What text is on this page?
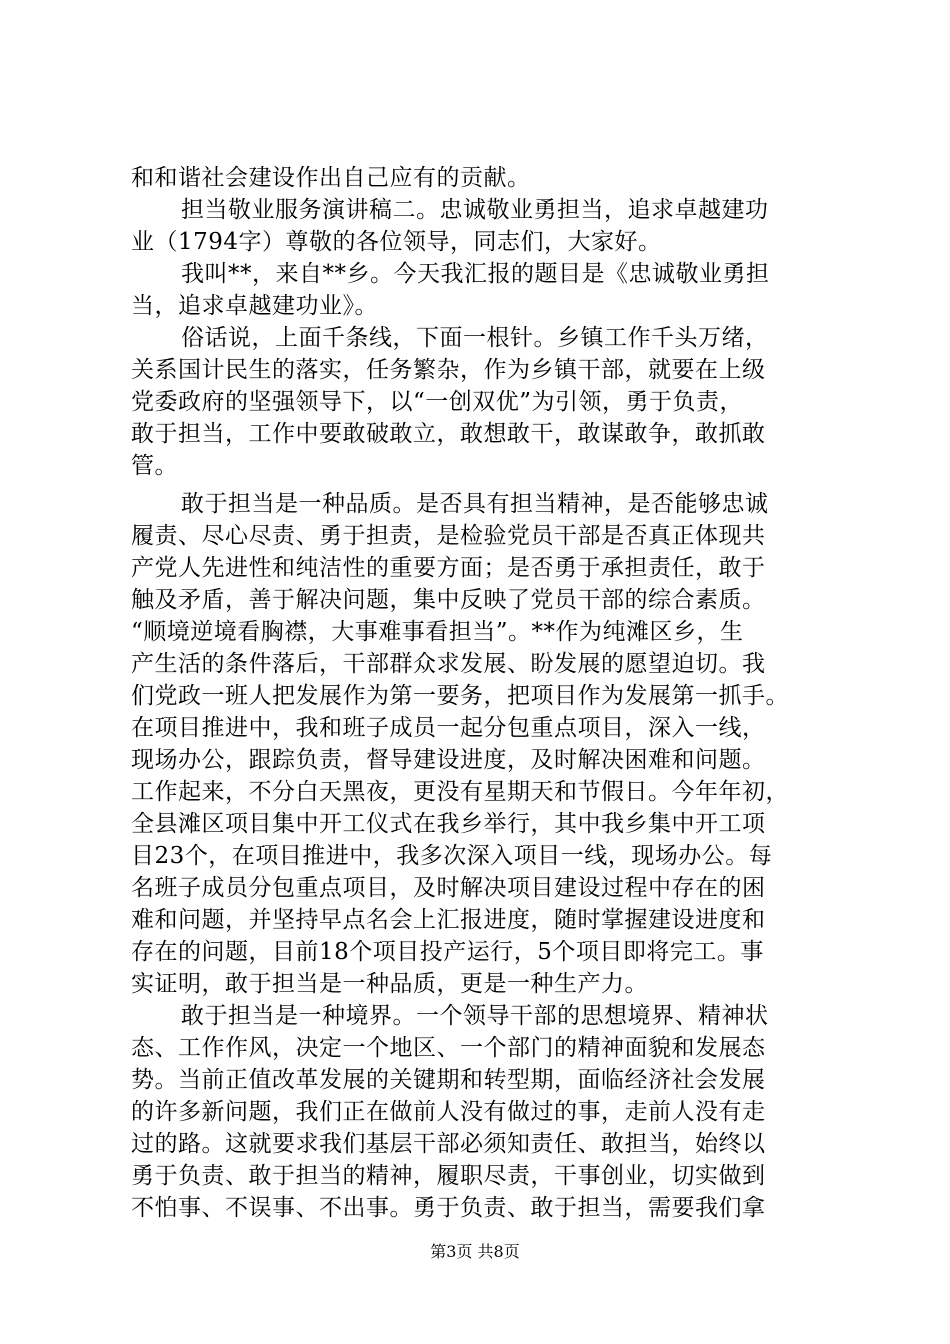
和和谐社会建设作出自己应有的贡献。
担当敬业服务演讲稿二。忠诚敬业勇担当，追求卓越建功
业（1794字）尊敬的各位领导，同志们，大家好。
我叫**，来自**乡。今天我汇报的题目是《忠诚敬业勇担
当，追求卓越建功业》。
俗话说，上面千条线，下面一根针。乡镇工作千头万绪，
关系国计民生的落实，任务繁杂，作为乡镇干部，就要在上级
党委政府的坚强领导下，以“一创双优”为引领，勇于负责，
敢于担当，工作中要敢破敢立，敢想敢干，敢谋敢争，敢抓敢
管。
敢于担当是一种品质。是否具有担当精神，是否能够忠诚
履责、尽心尽责、勇于担责，是检验党员干部是否真正体现共
产党人先进性和纯洁性的重要方面；是否勇于承担责任，敢于
触及矛盾，善于解决问题，集中反映了党员干部的综合素质。
“顺境逆境看胸襟，大事难事看担当”。**作为纯滩区乡，生
产生活的条件落后，干部群众求发展、盼发展的愿望迫切。我
们党政一班人把发展作为第一要务，把项目作为发展第一抓手。
在项目推进中，我和班子成员一起分包重点项目，深入一线，
现场办公，跟踪负责，督导建设进度，及时解决困难和问题。
工作起来，不分白天黑夜，更没有星期天和节假日。今年年初，
全县滩区项目集中开工仪式在我乡举行，其中我乡集中开工项
目23个，在项目推进中，我多次深入项目一线，现场办公。每
名班子成员分包重点项目，及时解决项目建设过程中存在的困
难和问题，并坚持早点名会上汇报进度，随时掌握建设进度和
存在的问题，目前18个项目投产运行，5个项目即将完工。事
实证明，敢于担当是一种品质，更是一种生产力。
敢于担当是一种境界。一个领导干部的思想境界、精神状
态、工作作风，决定一个地区、一个部门的精神面貌和发展态
势。当前正值改革发展的关键期和转型期，面临经济社会发展
的许多新问题，我们正在做前人没有做过的事，走前人没有走
过的路。这就要求我们基层干部必须知责任、敢担当，始终以
勇于负责、敢于担当的精神，履职尽责，干事创业，切实做到
不怕事、不误事、不出事。勇于负责、敢于担当，需要我们拿
第3页 共8页
